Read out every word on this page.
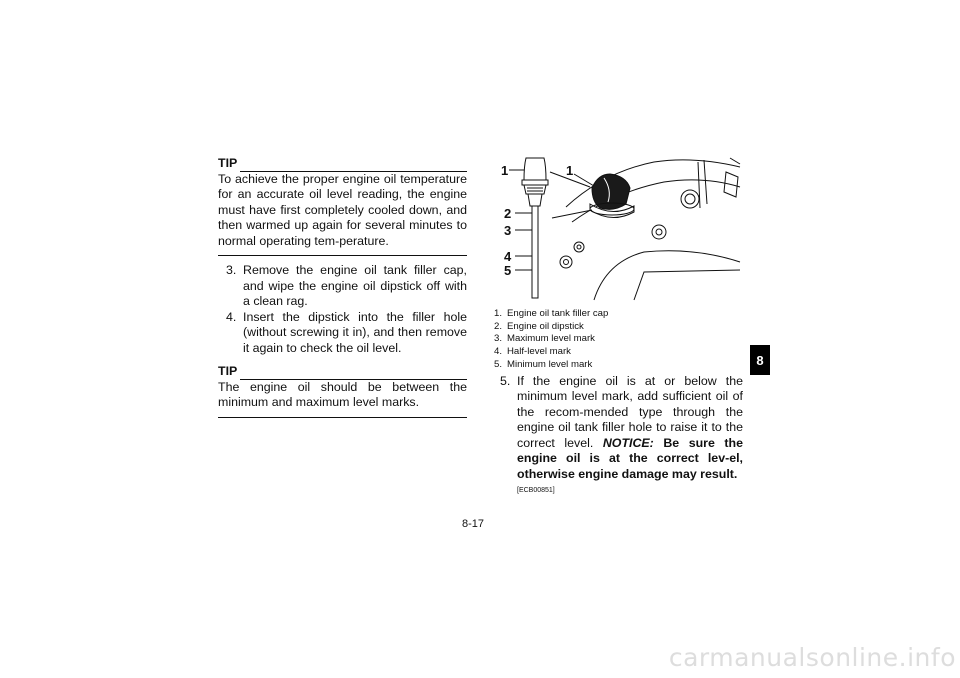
TIP
To achieve the proper engine oil temperature for an accurate oil level reading, the engine must have first completely cooled down, and then warmed up again for several minutes to normal operating tem-perature.
3. Remove the engine oil tank filler cap, and wipe the engine oil dipstick off with a clean rag.
4. Insert the dipstick into the filler hole (without screwing it in), and then remove it again to check the oil level.
TIP
The engine oil should be between the minimum and maximum level marks.
1	1
2
3
4
5
1. Engine oil tank filler cap
2. Engine oil dipstick
3. Maximum level mark
4. Half-level mark
5. Minimum level mark
5. If the engine oil is at or below the minimum level mark, add sufficient oil of the recom-mended type through the engine oil tank filler hole to raise it to the correct level. NOTICE: Be sure the engine oil is at the correct lev-el, otherwise engine damage may result.
[ECB00851]
8
8-17
carmanualsonline.info
